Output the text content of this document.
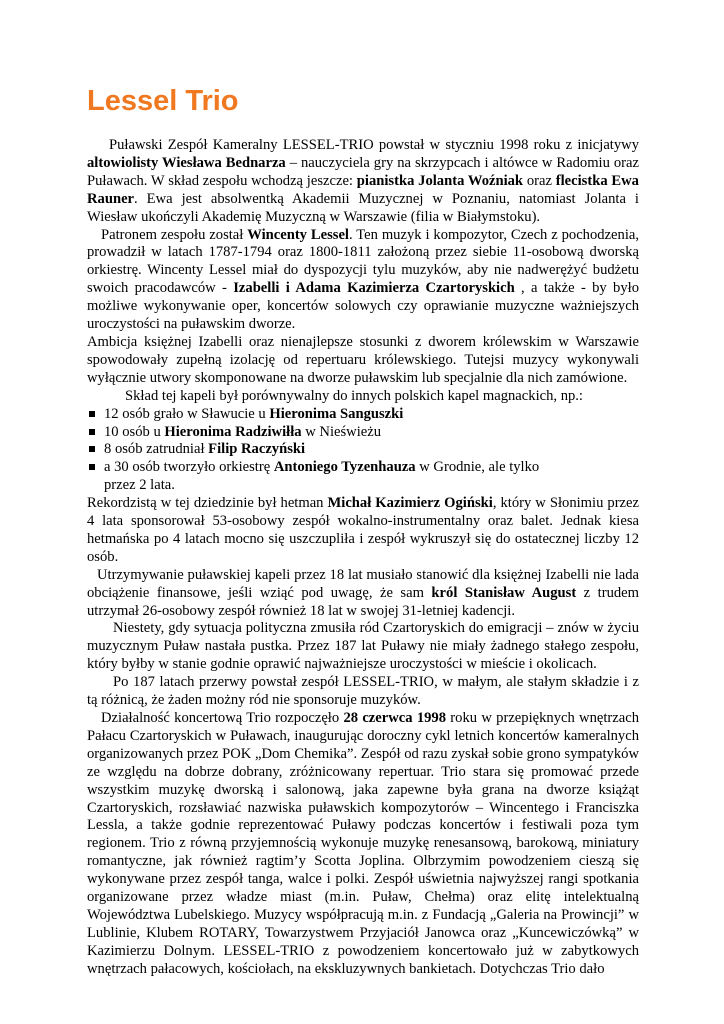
Lessel Trio

Puławski Zespół Kameralny LESSEL-TRIO powstał w styczniu 1998 roku z inicjatywy altowiolisty Wiesława Bednarza – nauczyciela gry na skrzypcach i altówce w Radomiu oraz Puławach. W skład zespołu wchodzą jeszcze: pianistka Jolanta Woźniak oraz flecistka Ewa Rauner. Ewa jest absolwentką Akademii Muzycznej w Poznaniu, natomiast Jolanta i Wiesław ukończyli Akademię Muzyczną w Warszawie (filia w Białymstoku).

Patronem zespołu został Wincenty Lessel. Ten muzyk i kompozytor, Czech z pochodzenia, prowadził w latach 1787-1794 oraz 1800-1811 założoną przez siebie 11-osobową dworską orkiestrę. Wincenty Lessel miał do dyspozycji tylu muzyków, aby nie nadwerężyć budżetu swoich pracodawców - Izabelli i Adama Kazimierza Czartoryskich , a także - by było możliwe wykonywanie oper, koncertów solowych czy oprawianie muzyczne ważniejszych uroczystości na puławskim dworze.

Ambicja księżnej Izabelli oraz nienajlepsze stosunki z dworem królewskim w Warszawie spowodowały zupełną izolację od repertuaru królewskiego. Tutejsi muzycy wykonywali wyłącznie utwory skomponowane na dworze puławskim lub specjalnie dla nich zamówione.

Skład tej kapeli był porównywalny do innych polskich kapel magnackich, np.:

12 osób grało w Sławucie u Hieronima Sanguszki
10 osób u Hieronima Radziwiłła w Nieświeżu
8 osób zatrudniał Filip Raczyński
a 30 osób tworzyło orkiestrę Antoniego Tyzenhauza w Grodnie, ale tylko

przez 2 lata.

Rekordzistą w tej dziedzinie był hetman Michał Kazimierz Ogiński, który w Słonimiu przez 4 lata sponsorował 53-osobowy zespół wokalno-instrumentalny oraz balet. Jednak kiesa hetmańska po 4 latach mocno się uszczupliła i zespół wykruszył się do ostatecznej liczby 12 osób.

Utrzymywanie puławskiej kapeli przez 18 lat musiało stanowić dla księżnej Izabelli nie lada obciążenie finansowe, jeśli wziąć pod uwagę, że sam król Stanisław August z trudem utrzymał 26-osobowy zespół również 18 lat w swojej 31-letniej kadencji.

Niestety, gdy sytuacja polityczna zmusiła ród Czartoryskich do emigracji – znów w życiu muzycznym Puław nastała pustka. Przez 187 lat Puławy nie miały żadnego stałego zespołu, który byłby w stanie godnie oprawić najważniejsze uroczystości w mieście i okolicach.

Po 187 latach przerwy powstał zespół LESSEL-TRIO, w małym, ale stałym składzie i z tą różnicą, że żaden możny ród nie sponsoruje muzyków.

Działalność koncertową Trio rozpoczęło 28 czerwca 1998 roku w przepięknych wnętrzach Pałacu Czartoryskich w Puławach, inaugurując doroczny cykl letnich koncertów kameralnych organizowanych przez POK „Dom Chemika”. Zespół od razu zyskał sobie grono sympatyków ze względu na dobrze dobrany, zróżnicowany repertuar. Trio stara się promować przede wszystkim muzykę dworską i salonową, jaka zapewne była grana na dworze książąt Czartoryskich, rozsławiać nazwiska puławskich kompozytorów – Wincentego i Franciszka Lessla, a także godnie reprezentować Puławy podczas koncertów i festiwali poza tym regionem. Trio z równą przyjemnością wykonuje muzykę renesansową, barokową, miniatury romantyczne, jak również ragtim’y Scotta Joplina. Olbrzymim powodzeniem cieszą się wykonywane przez zespół tanga, walce i polki. Zespół uświetnia najwyższej rangi spotkania organizowane przez władze miast (m.in. Puław, Chełma) oraz elitę intelektualną Województwa Lubelskiego. Muzycy współpracują m.in. z Fundacją „Galeria na Prowincji” w Lublinie, Klubem ROTARY, Towarzystwem Przyjaciół Janowca oraz „Kuncewiczówką” w Kazimierzu Dolnym. LESSEL-TRIO z powodzeniem koncertowało już w zabytkowych wnętrzach pałacowych, kościołach, na ekskluzywnych bankietach. Dotychczas Trio dało
